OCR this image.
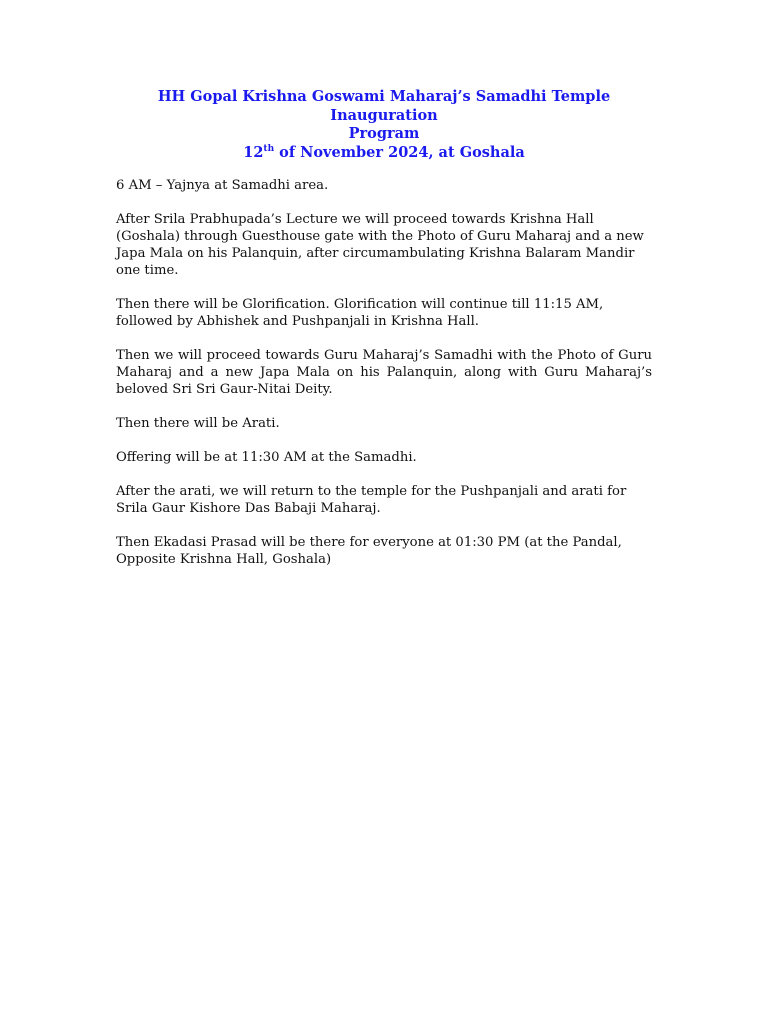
HH Gopal Krishna Goswami Maharaj’s Samadhi Temple Inauguration
Program
12th of November 2024, at Goshala

6 AM – Yajnya at Samadhi area.

After Srila Prabhupada’s Lecture we will proceed towards Krishna Hall (Goshala) through Guesthouse gate with the Photo of Guru Maharaj and a new Japa Mala on his Palanquin, after circumambulating Krishna Balaram Mandir one time.

Then there will be Glorification. Glorification will continue till 11:15 AM, followed by Abhishek and Pushpanjali in Krishna Hall.

Then we will proceed towards Guru Maharaj’s Samadhi with the Photo of Guru Maharaj and a new Japa Mala on his Palanquin, along with Guru Maharaj’s beloved Sri Sri Gaur-Nitai Deity.

Then there will be Arati.

Offering will be at 11:30 AM at the Samadhi.

After the arati, we will return to the temple for the Pushpanjali and arati for Srila Gaur Kishore Das Babaji Maharaj.

Then Ekadasi Prasad will be there for everyone at 01:30 PM (at the Pandal, Opposite Krishna Hall, Goshala)
